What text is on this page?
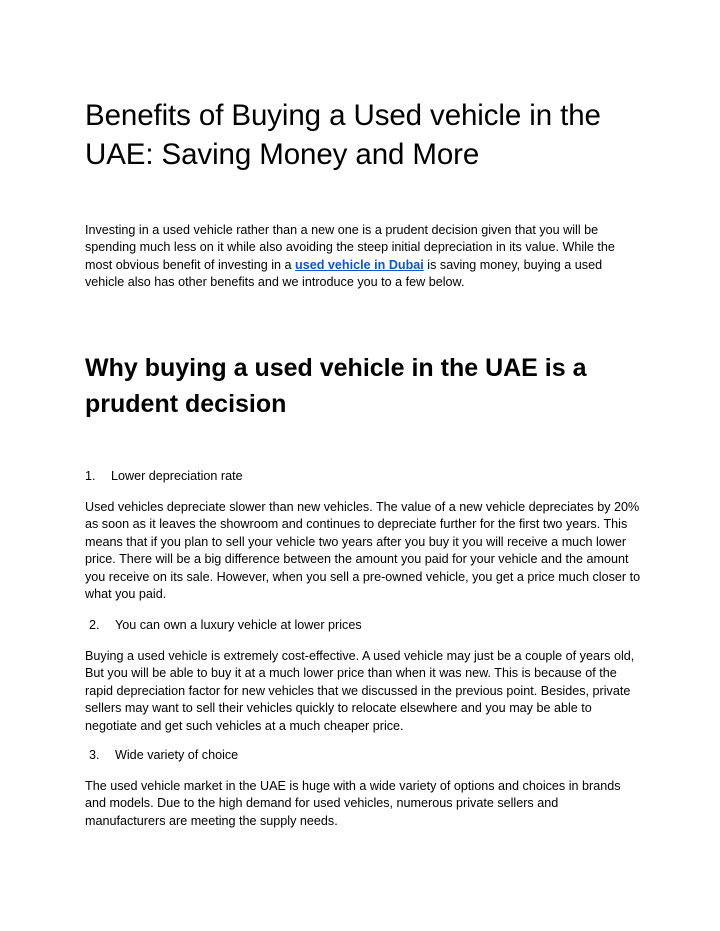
Benefits of Buying a Used vehicle in the UAE: Saving Money and More

Investing in a used vehicle rather than a new one is a prudent decision given that you will be spending much less on it while also avoiding the steep initial depreciation in its value. While the most obvious benefit of investing in a used vehicle in Dubai is saving money, buying a used vehicle also has other benefits and we introduce you to a few below.

Why buying a used vehicle in the UAE is a prudent decision
1. Lower depreciation rate

Used vehicles depreciate slower than new vehicles. The value of a new vehicle depreciates by 20% as soon as it leaves the showroom and continues to depreciate further for the first two years. This means that if you plan to sell your vehicle two years after you buy it you will receive a much lower price. There will be a big difference between the amount you paid for your vehicle and the amount you receive on its sale. However, when you sell a pre-owned vehicle, you get a price much closer to what you paid.

2. You can own a luxury vehicle at lower prices

Buying a used vehicle is extremely cost-effective. A used vehicle may just be a couple of years old, But you will be able to buy it at a much lower price than when it was new. This is because of the rapid depreciation factor for new vehicles that we discussed in the previous point. Besides, private sellers may want to sell their vehicles quickly to relocate elsewhere and you may be able to negotiate and get such vehicles at a much cheaper price.

3. Wide variety of choice

The used vehicle market in the UAE is huge with a wide variety of options and choices in brands and models. Due to the high demand for used vehicles, numerous private sellers and manufacturers are meeting the supply needs.
